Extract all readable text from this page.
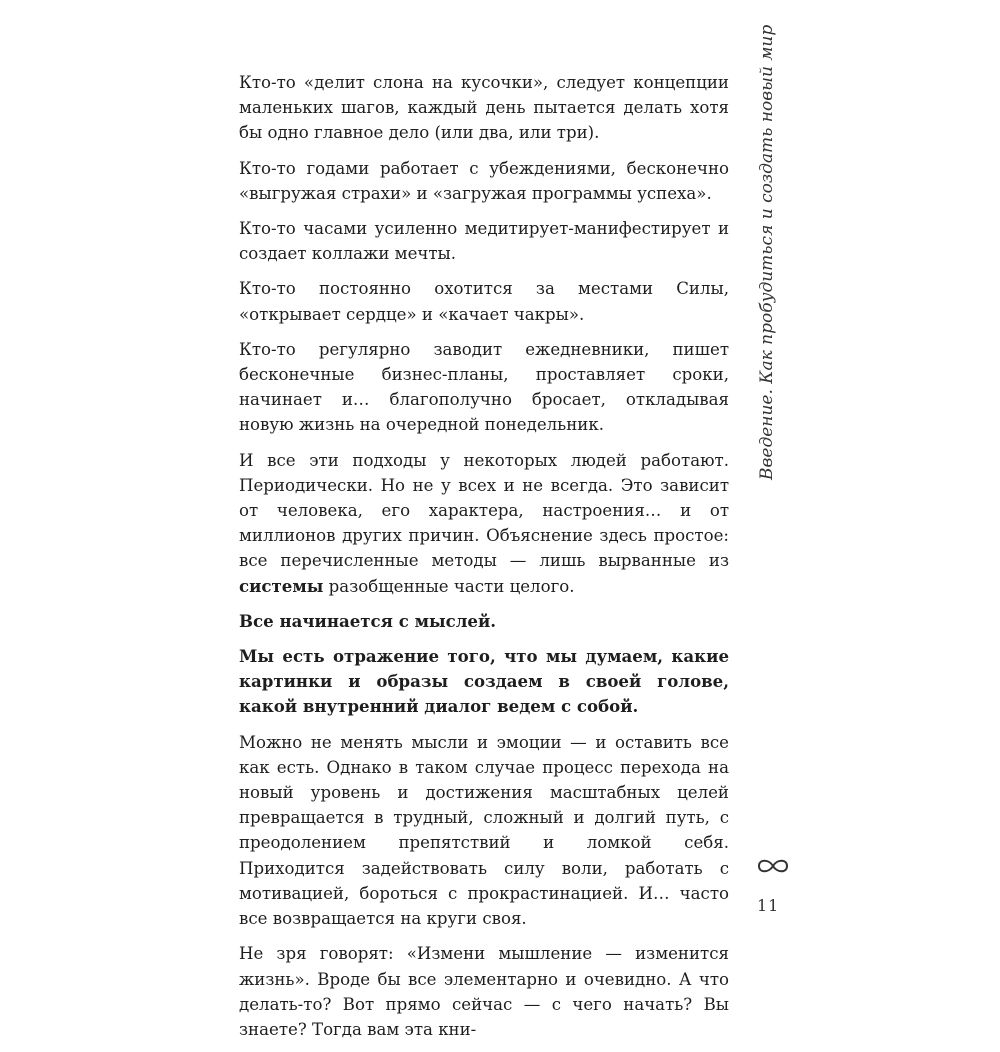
Кто-то «делит слона на кусочки», следует концепции маленьких шагов, каждый день пытается делать хотя бы одно главное дело (или два, или три).

Кто-то годами работает с убеждениями, бесконечно «выгружая страхи» и «загружая программы успеха».

Кто-то часами усиленно медитирует-манифестирует и создает коллажи мечты.

Кто-то постоянно охотится за местами Силы, «открывает сердце» и «качает чакры».

Кто-то регулярно заводит ежедневники, пишет бесконечные бизнес-планы, проставляет сроки, начинает и… благополучно бросает, откладывая новую жизнь на очередной понедельник.

И все эти подходы у некоторых людей работают. Периодически. Но не у всех и не всегда. Это зависит от человека, его характера, настроения… и от миллионов других причин. Объяснение здесь простое: все перечисленные методы — лишь вырванные из системы разобщенные части целого.

Все начинается с мыслей.

Мы есть отражение того, что мы думаем, какие картинки и образы создаем в своей голове, какой внутренний диалог ведем с собой.

Можно не менять мысли и эмоции — и оставить все как есть. Однако в таком случае процесс перехода на новый уровень и достижения масштабных целей превращается в трудный, сложный и долгий путь, с преодолением препятствий и ломкой себя. Приходится задействовать силу воли, работать с мотивацией, бороться с прокрастинацией. И… часто все возвращается на круги своя.

Не зря говорят: «Измени мышление — изменится жизнь». Вроде бы все элементарно и очевидно. А что делать-то? Вот прямо сейчас — с чего начать? Вы знаете? Тогда вам эта кни-

Введение. Как пробудиться и создать новый мир
11
